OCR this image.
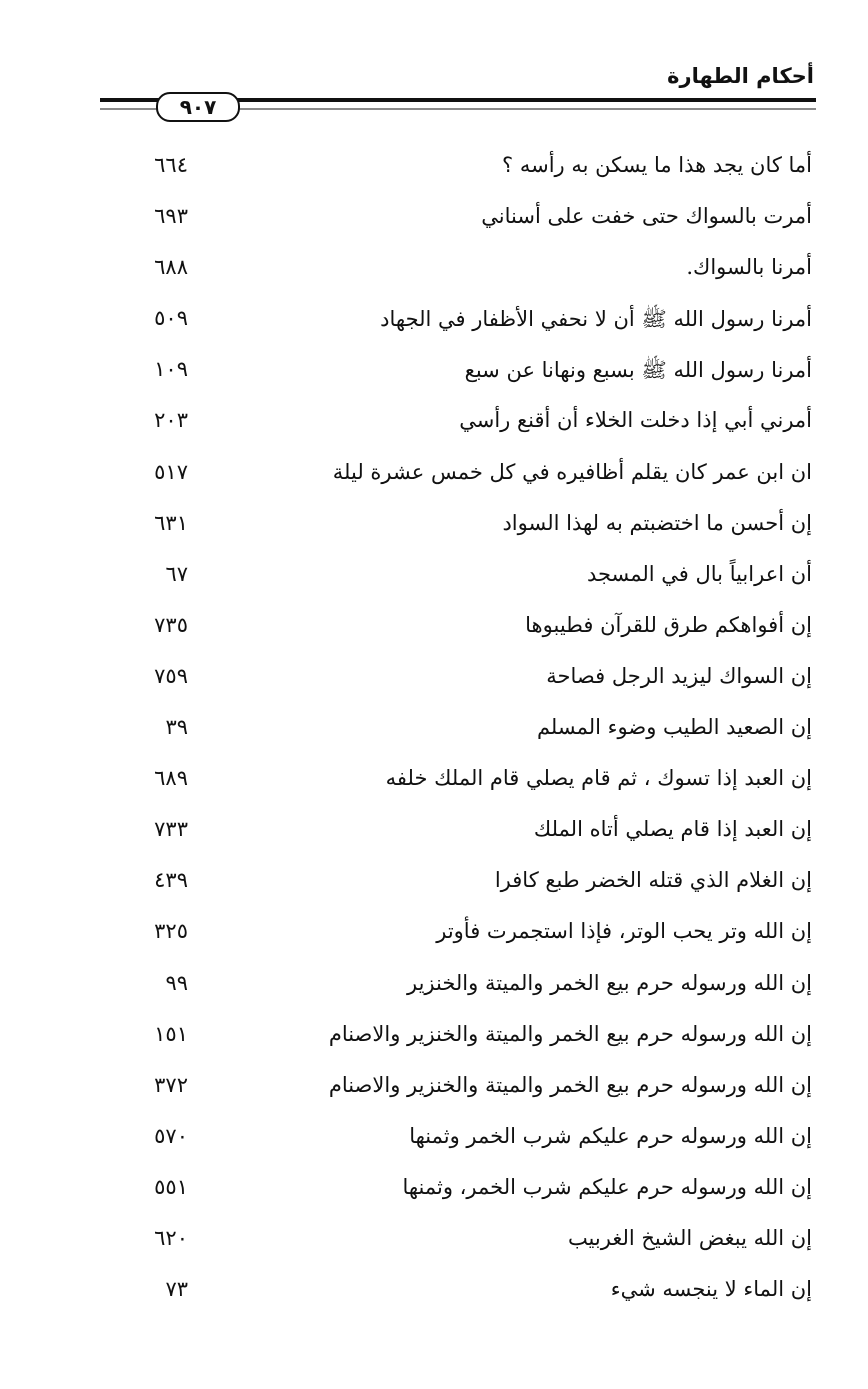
أحكام الطهارة
٩٠٧
أما كان يجد هذا ما يسكن به رأسه ؟
٦٦٤
أمرت بالسواك حتى خفت على أسناني
٦٩٣
أمرنا بالسواك.
٦٨٨
أمرنا رسول الله ﷺ أن لا نحفي الأظفار في الجهاد
٥٠٩
أمرنا رسول الله ﷺ بسبع ونهانا عن سبع
١٠٩
أمرني أبي إذا دخلت الخلاء أن أقنع رأسي
٢٠٣
ان ابن عمر كان يقلم أظافيره في كل خمس عشرة ليلة
٥١٧
إن أحسن ما اختضبتم به لهذا السواد
٦٣١
أن اعرابياً بال في المسجد
٦٧
إن أفواهكم طرق للقرآن فطيبوها
٧٣٥
إن السواك ليزيد الرجل فصاحة
٧٥٩
إن الصعيد الطيب وضوء المسلم
٣٩
إن العبد إذا تسوك ، ثم قام يصلي قام الملك خلفه
٦٨٩
إن العبد إذا قام يصلي أتاه الملك
٧٣٣
إن الغلام الذي قتله الخضر طبع كافرا
٤٣٩
إن الله وتر يحب الوتر، فإذا استجمرت فأوتر
٣٢٥
إن الله ورسوله حرم بيع الخمر والميتة والخنزير
٩٩
إن الله ورسوله حرم بيع الخمر والميتة والخنزير والاصنام
١٥١
إن الله ورسوله حرم بيع الخمر والميتة والخنزير والاصنام
٣٧٢
إن الله ورسوله حرم عليكم شرب الخمر وثمنها
٥٧٠
إن الله ورسوله حرم عليكم شرب الخمر، وثمنها
٥٥١
إن الله يبغض الشيخ الغربيب
٦٢٠
إن الماء لا ينجسه شيء
٧٣
